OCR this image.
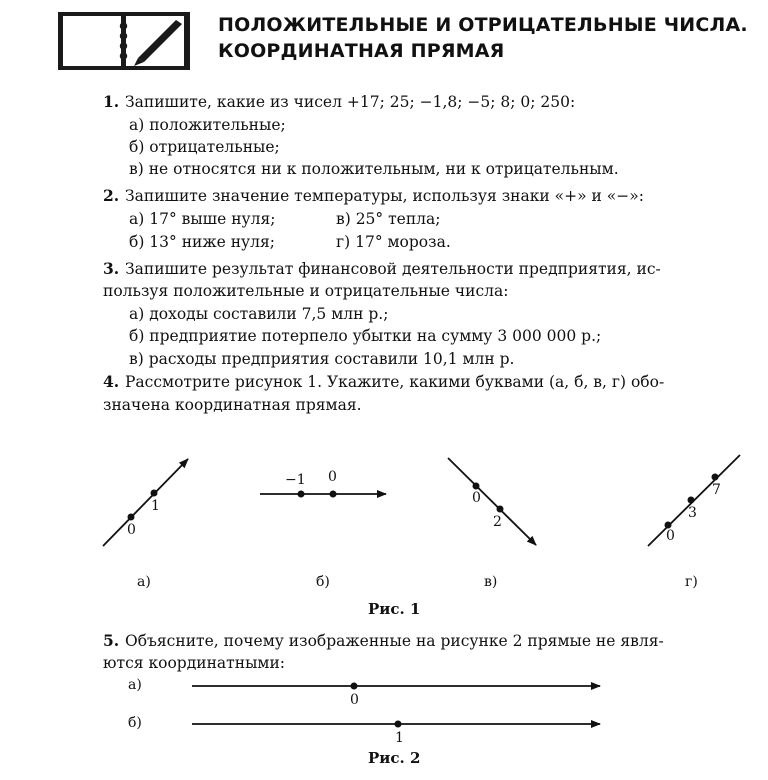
ПОЛОЖИТЕЛЬНЫЕ И ОТРИЦАТЕЛЬНЫЕ ЧИСЛА.
КООРДИНАТНАЯ ПРЯМАЯ
1. Запишите, какие из чисел +17; 25; −1,8; −5; 8; 0; 250:
а) положительные;
б) отрицательные;
в) не относятся ни к положительным, ни к отрицательным.
2. Запишите значение температуры, используя знаки «+» и «−»:
а) 17° выше нуля;	в) 25° тепла;
б) 13° ниже нуля;	г) 17° мороза.
3. Запишите результат финансовой деятельности предприятия, ис-
пользуя положительные и отрицательные числа:
а) доходы составили 7,5 млн р.;
б) предприятие потерпело убытки на сумму 3 000 000 р.;
в) расходы предприятия составили 10,1 млн р.
4. Рассмотрите рисунок 1. Укажите, какими буквами (а, б, в, г) обо-
значена координатная прямая.
0
1
−1 0
0
2
0
3
7
а)	б)	в)	г)
Рис. 1
5. Объясните, почему изображенные на рисунке 2 прямые не явля-
ются координатными:
а)
0
б)
1
Рис. 2
